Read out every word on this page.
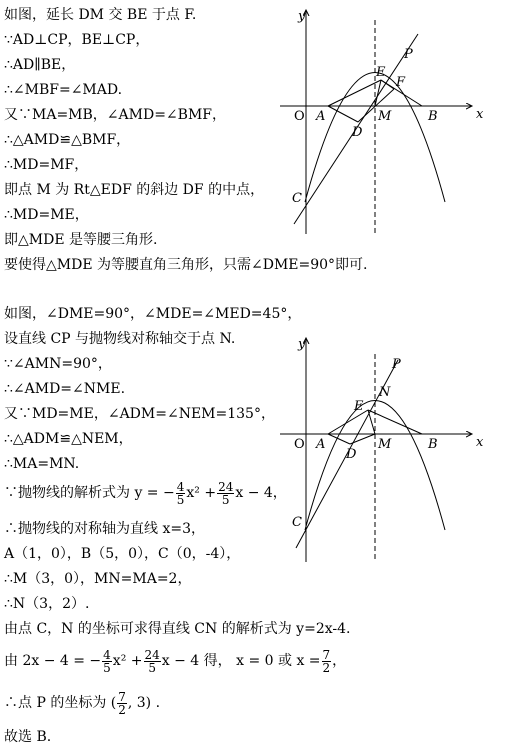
如图，延长 DM 交 BE 于点 F.
∵AD⊥CP，BE⊥CP，
∴AD∥BE，
∴∠MBF=∠MAD.
又∵MA=MB，∠AMD=∠BMF，
∴△AMD≌△BMF，
∴MD=MF，
即点 M 为 Rt△EDF 的斜边 DF 的中点，
∴MD=ME，
即△MDE 是等腰三角形.
要使得△MDE 为等腰直角三角形，只需∠DME=90°即可.
y
x
O A	M	B
C
D
E
F
P
如图，∠DME=90°，∠MDE=∠MED=45°，
设直线 CP 与抛物线对称轴交于点 N.
∵∠AMN=90°，
∴∠AMD=∠NME.
又∵MD=ME，∠ADM=∠NEM=135°，
∴△ADM≌△NEM，
∴MA=MN.
∵抛物线的解析式为 y = − $\frac{4}{5} x^2 + \frac{24}{5}$ x − 4，
∴抛物线的对称轴为直线 x=3，
A（1，0），B（5，0），C（0，-4），
∴M（3，0），MN=MA=2，
∴N（3，2）.
由点 C，N 的坐标可求得直线 CN 的解析式为 y=2x-4.
由 2x − 4 = − $\frac{4}{5} x^2 + \frac{24}{5}$ x − 4 得， x = 0 或 $x = \frac{7}{2}$ ，
∴点 P 的坐标为 ( $\frac{7}{2}$ , 3) .
故选 B.
y
x
O A	M	B
C
D
E
N
P
